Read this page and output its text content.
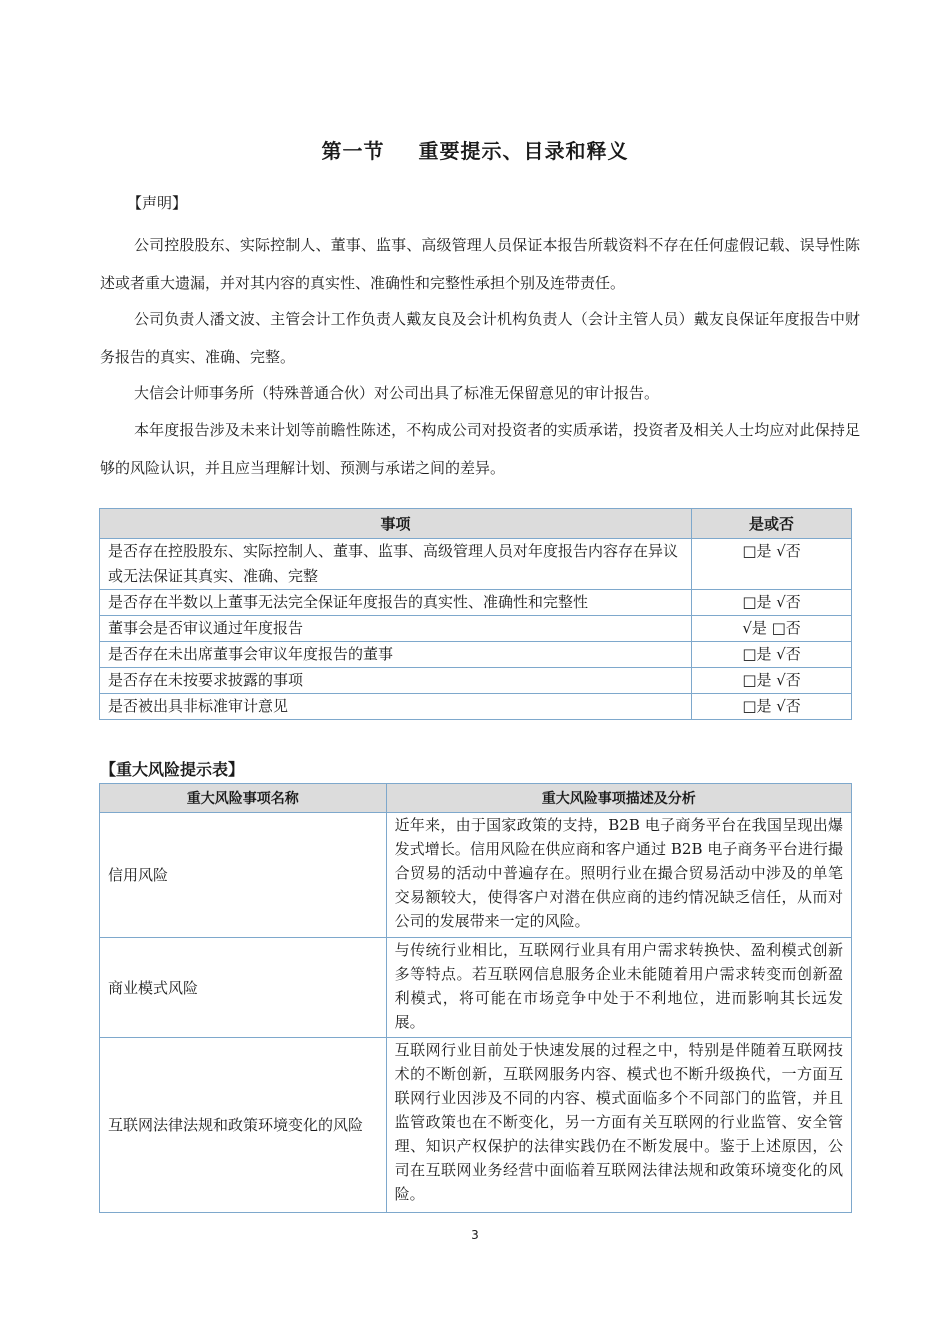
第一节 重要提示、目录和释义
【声明】

公司控股股东、实际控制人、董事、监事、高级管理人员保证本报告所载资料不存在任何虚假记载、误导性陈述或者重大遗漏，并对其内容的真实性、准确性和完整性承担个别及连带责任。

公司负责人潘文波、主管会计工作负责人戴友良及会计机构负责人（会计主管人员）戴友良保证年度报告中财务报告的真实、准确、完整。

大信会计师事务所（特殊普通合伙）对公司出具了标准无保留意见的审计报告。

本年度报告涉及未来计划等前瞻性陈述，不构成公司对投资者的实质承诺，投资者及相关人士均应对此保持足够的风险认识，并且应当理解计划、预测与承诺之间的差异。

事项	是或否
是否存在控股股东、实际控制人、董事、监事、高级管理人员对年度报告内容存在异议或无法保证其真实、准确、完整	□是 √否
是否存在半数以上董事无法完全保证年度报告的真实性、准确性和完整性	□是 √否
董事会是否审议通过年度报告	√是 □否
是否存在未出席董事会审议年度报告的董事	□是 √否
是否存在未按要求披露的事项	□是 √否
是否被出具非标准审计意见	□是 √否
【重大风险提示表】
重大风险事项名称	重大风险事项描述及分析
信用风险	近年来，由于国家政策的支持，B2B 电子商务平台在我国呈现出爆发式增长。信用风险在供应商和客户通过 B2B 电子商务平台进行撮合贸易的活动中普遍存在。照明行业在撮合贸易活动中涉及的单笔交易额较大，使得客户对潜在供应商的违约情况缺乏信任，从而对公司的发展带来一定的风险。
商业模式风险	与传统行业相比，互联网行业具有用户需求转换快、盈利模式创新多等特点。若互联网信息服务企业未能随着用户需求转变而创新盈利模式，将可能在市场竞争中处于不利地位，进而影响其长远发展。
互联网法律法规和政策环境变化的风险	互联网行业目前处于快速发展的过程之中，特别是伴随着互联网技术的不断创新，互联网服务内容、模式也不断升级换代，一方面互联网行业因涉及不同的内容、模式面临多个不同部门的监管，并且监管政策也在不断变化，另一方面有关互联网的行业监管、安全管理、知识产权保护的法律实践仍在不断发展中。鉴于上述原因，公司在互联网业务经营中面临着互联网法律法规和政策环境变化的风险。
3
